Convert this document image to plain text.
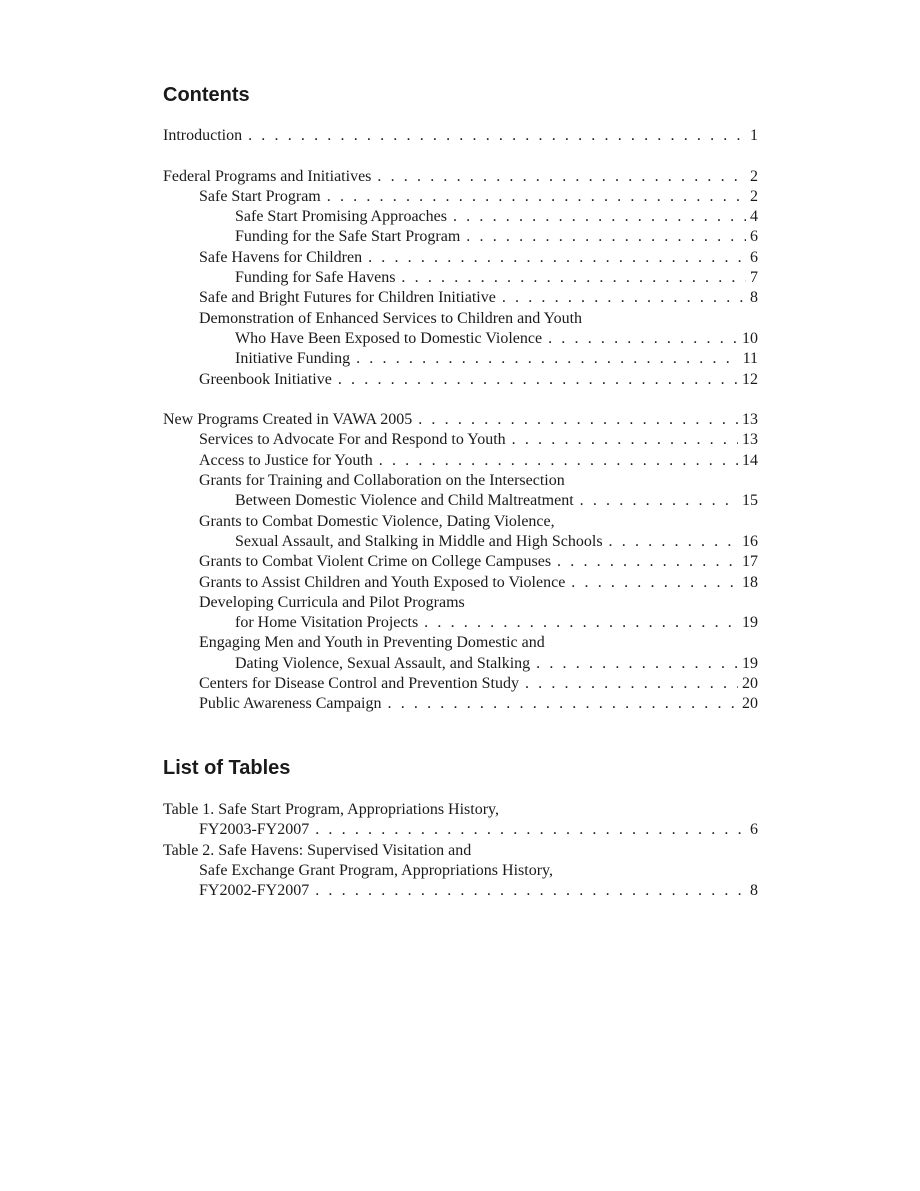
Contents
Introduction . . .	1
Federal Programs and Initiatives . . .	2
Safe Start Program . . .	2
Safe Start Promising Approaches . . .	4
Funding for the Safe Start Program . . .	6
Safe Havens for Children . . .	6
Funding for Safe Havens . . .	7
Safe and Bright Futures for Children Initiative . . .	8
Demonstration of Enhanced Services to Children and Youth
Who Have Been Exposed to Domestic Violence . . .	10
Initiative Funding . . .	11
Greenbook Initiative . . .	12
New Programs Created in VAWA 2005 . . .	13
Services to Advocate For and Respond to Youth . . .	13
Access to Justice for Youth . . .	14
Grants for Training and Collaboration on the Intersection
Between Domestic Violence and Child Maltreatment . . .	15
Grants to Combat Domestic Violence, Dating Violence,
Sexual Assault, and Stalking in Middle and High Schools . . .	16
Grants to Combat Violent Crime on College Campuses . . .	17
Grants to Assist Children and Youth Exposed to Violence . . .	18
Developing Curricula and Pilot Programs
for Home Visitation Projects . . .	19
Engaging Men and Youth in Preventing Domestic and
Dating Violence, Sexual Assault, and Stalking . . .	19
Centers for Disease Control and Prevention Study . . .	20
Public Awareness Campaign . . .	20
List of Tables
Table 1. Safe Start Program, Appropriations History,
FY2003-FY2007 . . .	6
Table 2. Safe Havens: Supervised Visitation and
Safe Exchange Grant Program, Appropriations History,
FY2002-FY2007 . . .	8
